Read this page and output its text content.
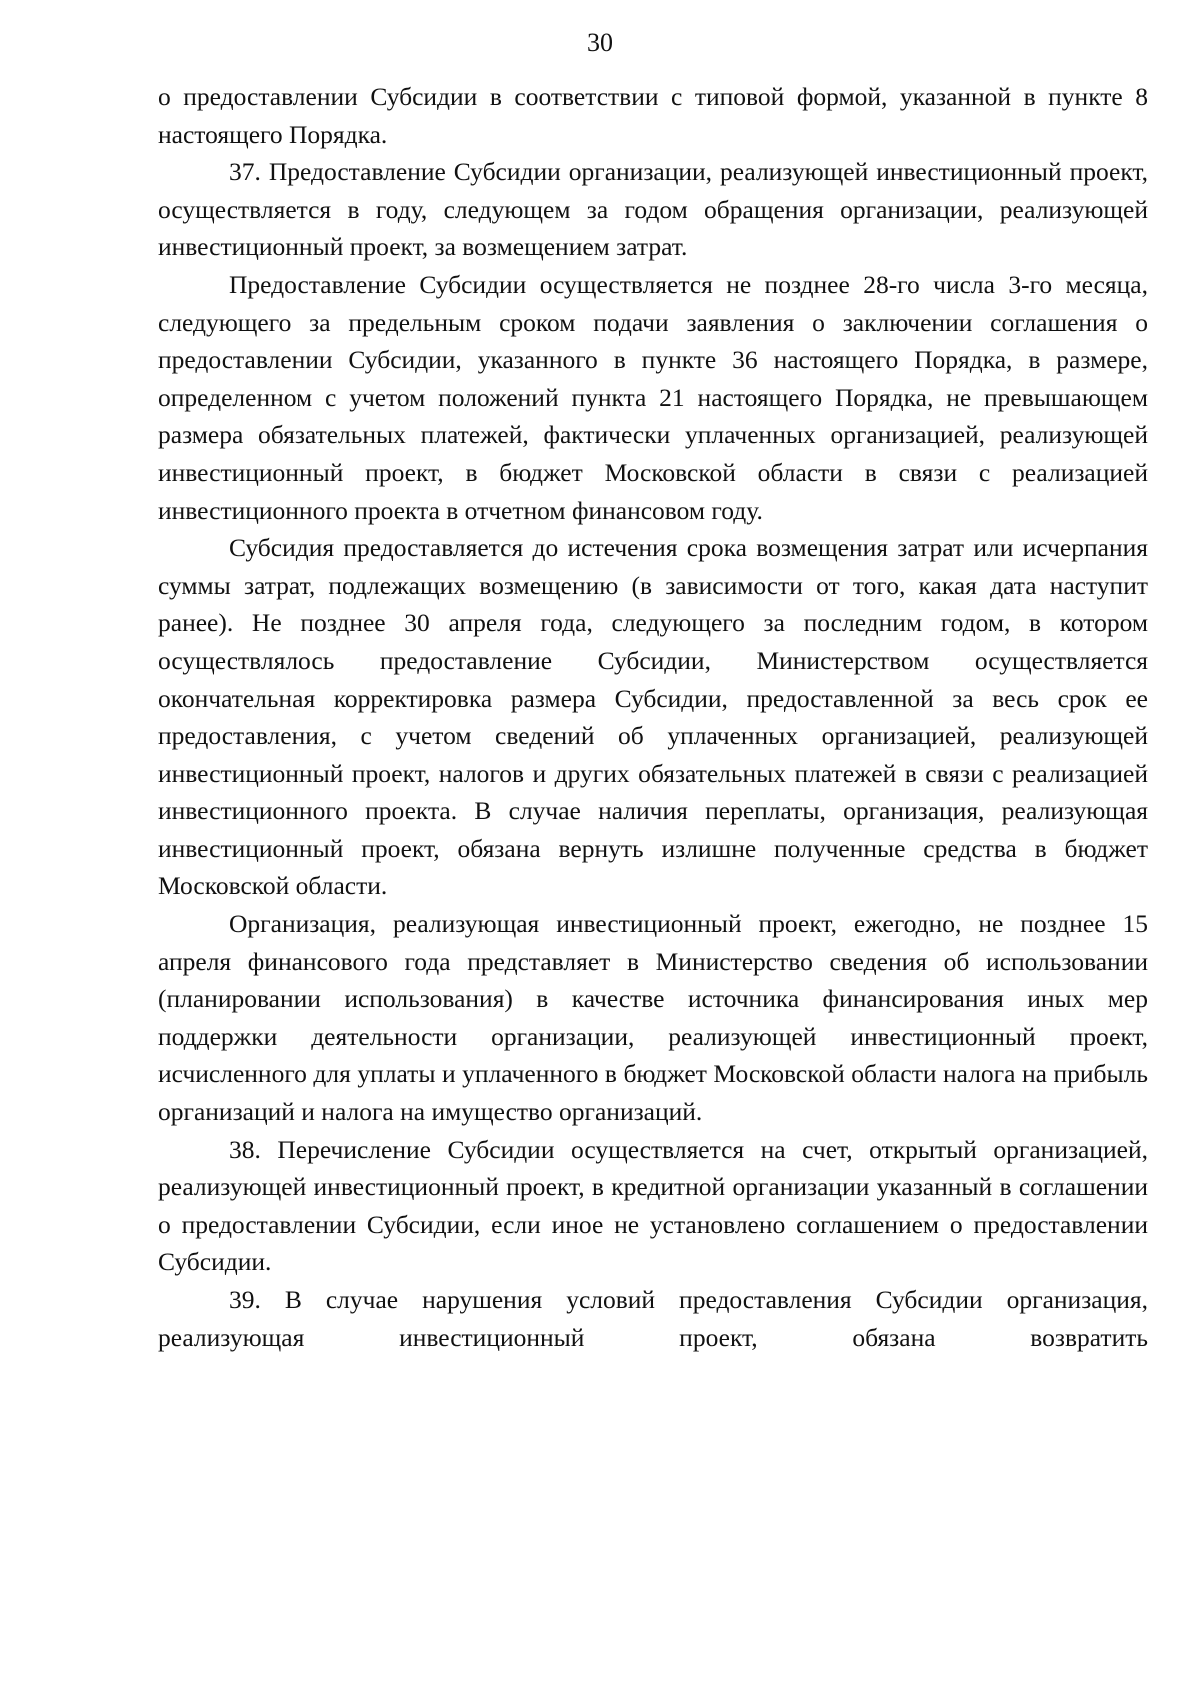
30

о предоставлении Субсидии в соответствии с типовой формой, указанной в пункте 8 настоящего Порядка.

37. Предоставление Субсидии организации, реализующей инвестиционный проект, осуществляется в году, следующем за годом обращения организации, реализующей инвестиционный проект, за возмещением затрат.

Предоставление Субсидии осуществляется не позднее 28-го числа 3-го месяца, следующего за предельным сроком подачи заявления о заключении соглашения о предоставлении Субсидии, указанного в пункте 36 настоящего Порядка, в размере, определенном с учетом положений пункта 21 настоящего Порядка, не превышающем размера обязательных платежей, фактически уплаченных организацией, реализующей инвестиционный проект, в бюджет Московской области в связи с реализацией инвестиционного проекта в отчетном финансовом году.

Субсидия предоставляется до истечения срока возмещения затрат или исчерпания суммы затрат, подлежащих возмещению (в зависимости от того, какая дата наступит ранее). Не позднее 30 апреля года, следующего за последним годом, в котором осуществлялось предоставление Субсидии, Министерством осуществляется окончательная корректировка размера Субсидии, предоставленной за весь срок ее предоставления, с учетом сведений об уплаченных организацией, реализующей инвестиционный проект, налогов и других обязательных платежей в связи с реализацией инвестиционного проекта. В случае наличия переплаты, организация, реализующая инвестиционный проект, обязана вернуть излишне полученные средства в бюджет Московской области.

Организация, реализующая инвестиционный проект, ежегодно, не позднее 15 апреля финансового года представляет в Министерство сведения об использовании (планировании использования) в качестве источника финансирования иных мер поддержки деятельности организации, реализующей инвестиционный проект, исчисленного для уплаты и уплаченного в бюджет Московской области налога на прибыль организаций и налога на имущество организаций.

38. Перечисление Субсидии осуществляется на счет, открытый организацией, реализующей инвестиционный проект, в кредитной организации указанный в соглашении о предоставлении Субсидии, если иное не установлено соглашением о предоставлении Субсидии.

39. В случае нарушения условий предоставления Субсидии организация, реализующая инвестиционный проект, обязана возвратить
